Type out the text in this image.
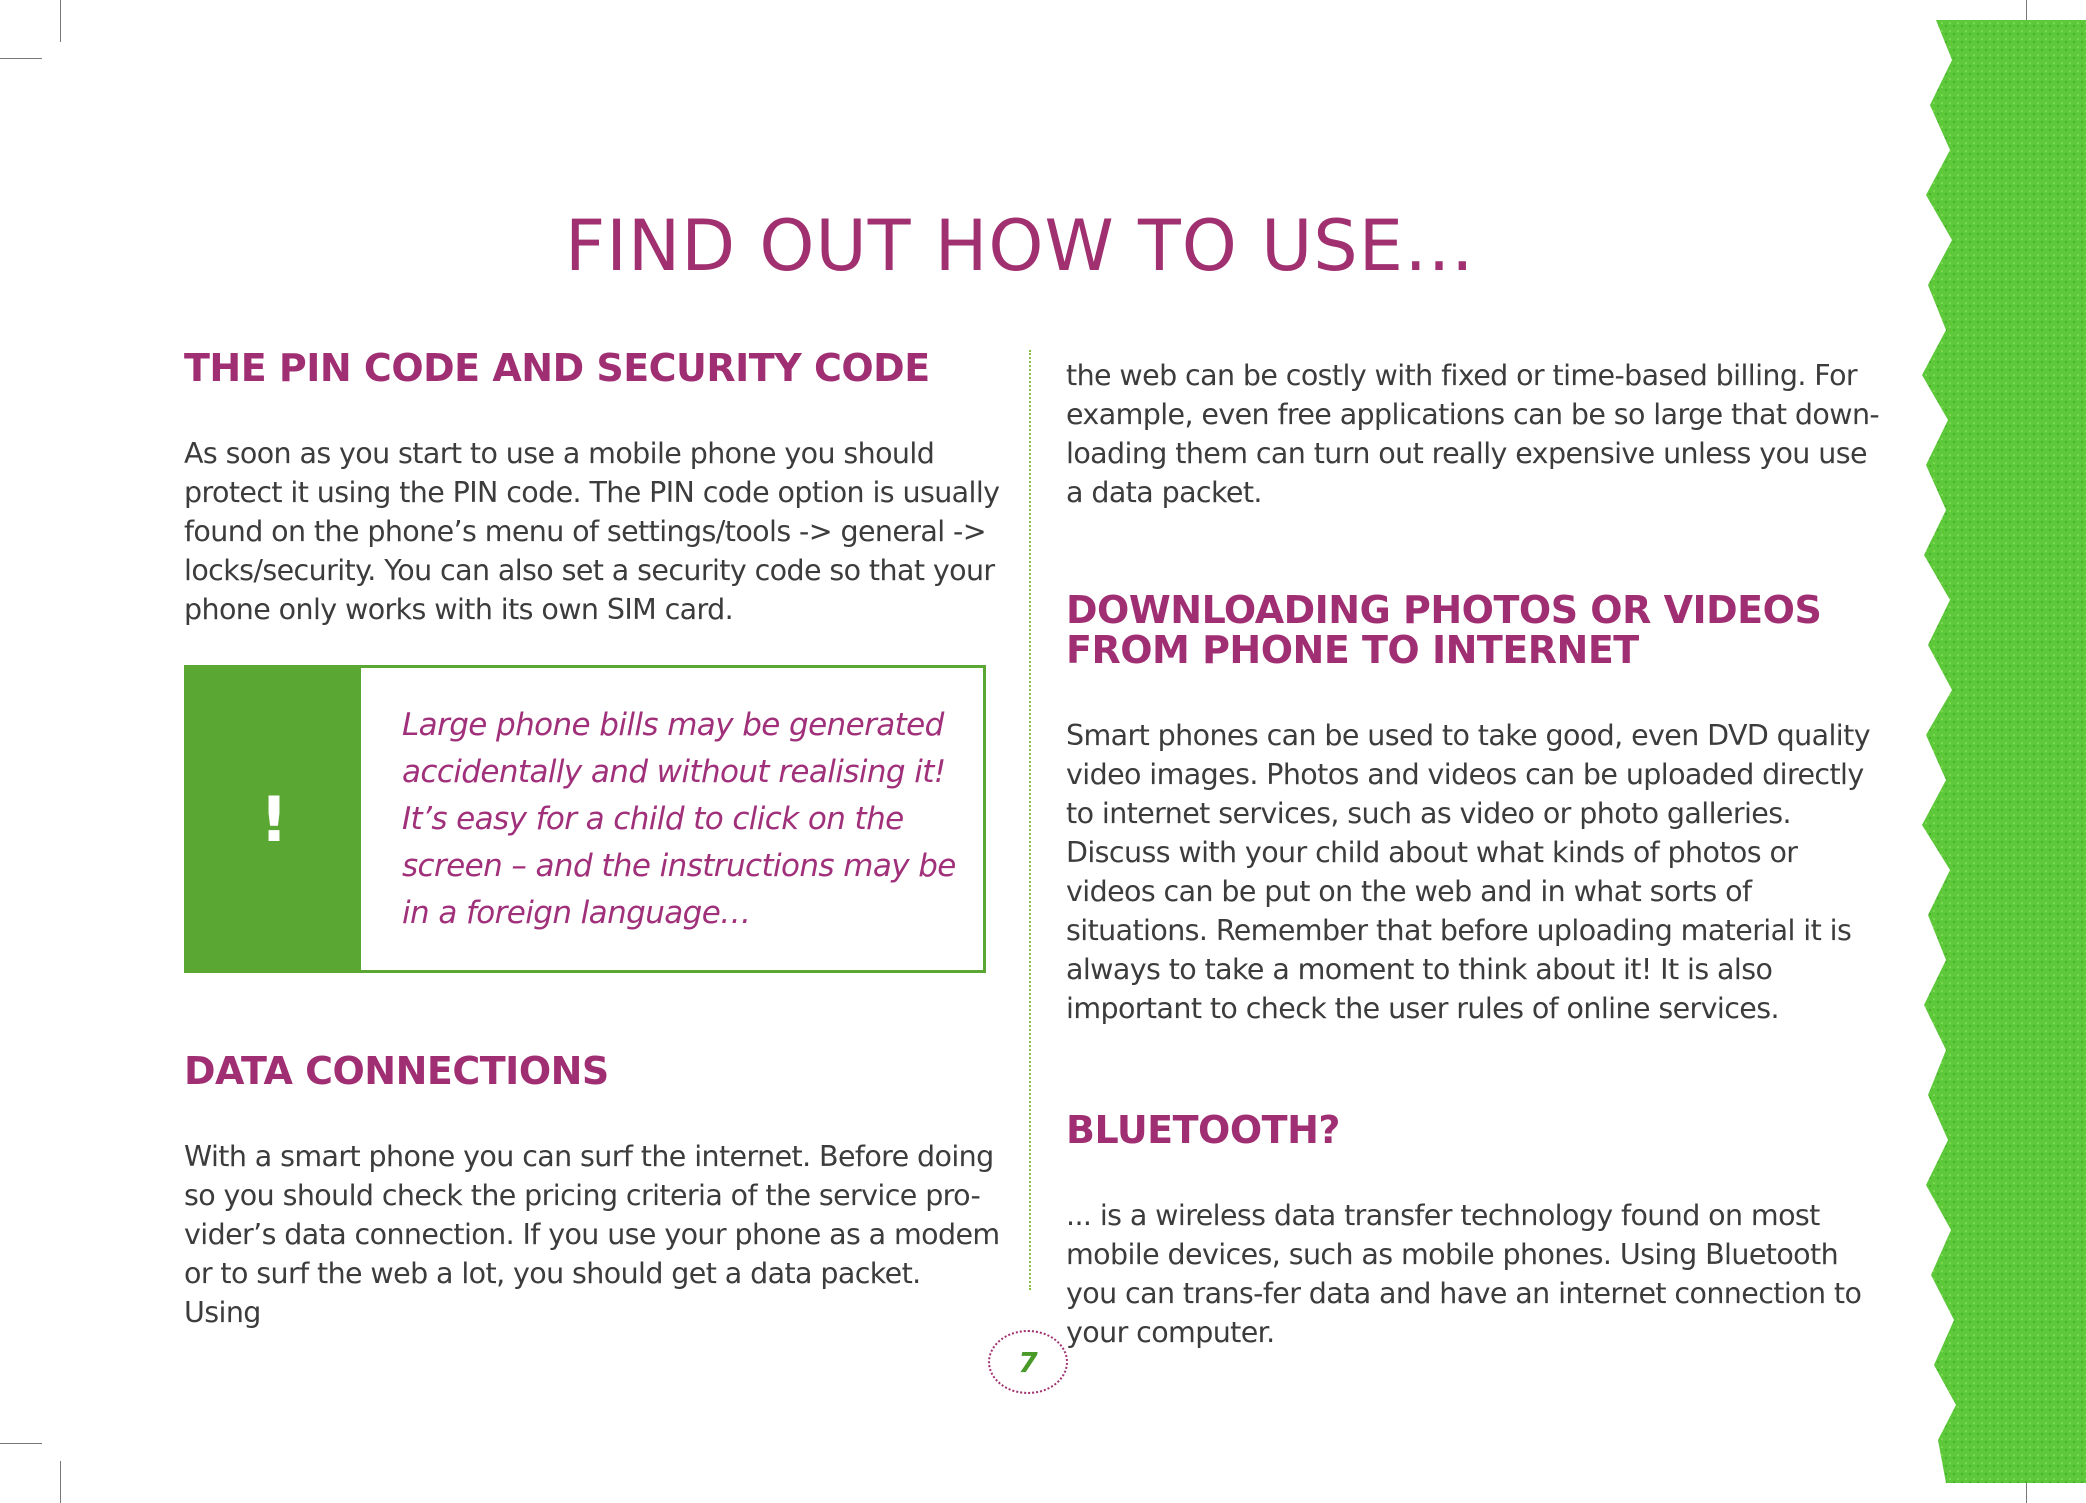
FIND OUT HOW TO USE…
THE PIN CODE AND SECURITY CODE

As soon as you start to use a mobile phone you should protect it using the PIN code. The PIN code option is usually found on the phone’s menu of settings/tools -> general -> locks/security. You can also set a security code so that your phone only works with its own SIM card.

!
Large phone bills may be generated accidentally and without realising it! It’s easy for a child to click on the screen – and the instructions may be in a foreign language…
DATA CONNECTIONS

With a smart phone you can surf the internet. Before doing so you should check the pricing criteria of the service pro-vider’s data connection. If you use your phone as a modem or to surf the web a lot, you should get a data packet. Using

the web can be costly with fixed or time-based billing. For example, even free applications can be so large that down-loading them can turn out really expensive unless you use a data packet.

DOWNLOADING PHOTOS OR VIDEOS FROM PHONE TO INTERNET

Smart phones can be used to take good, even DVD quality video images. Photos and videos can be uploaded directly to internet services, such as video or photo galleries. Discuss with your child about what kinds of photos or videos can be put on the web and in what sorts of situations. Remember that before uploading material it is always to take a moment to think about it! It is also important to check the user rules of online services.

BLUETOOTH?

... is a wireless data transfer technology found on most mobile devices, such as mobile phones. Using Bluetooth you can trans-fer data and have an internet connection to your computer.

7
